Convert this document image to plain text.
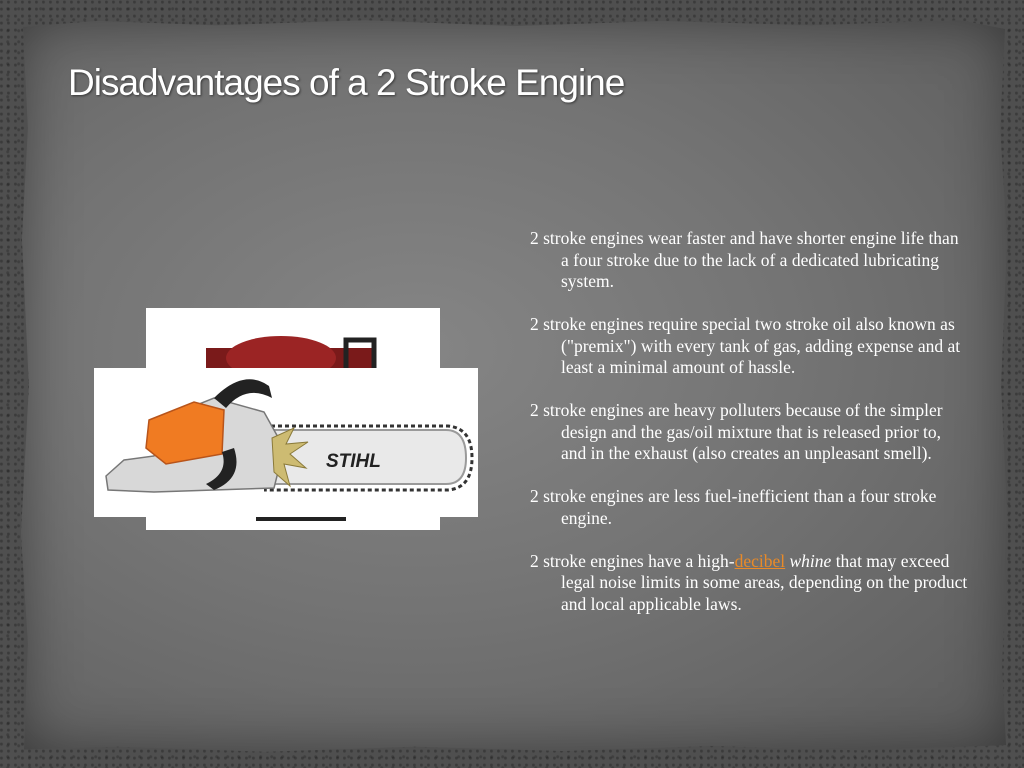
Disadvantages of a 2 Stroke Engine
STIHL

2 stroke engines wear faster and have shorter engine life than a four stroke due to the lack of a dedicated lubricating system.

2 stroke engines require special two stroke oil also known as ("premix") with every tank of gas, adding expense and at least a minimal amount of hassle.

2 stroke engines are heavy polluters because of the simpler design and the gas/oil mixture that is released prior to, and in the exhaust (also creates an unpleasant smell).

2 stroke engines are less fuel-inefficient than a four stroke engine.

2 stroke engines have a high-decibel whine that may exceed legal noise limits in some areas, depending on the product and local applicable laws.
